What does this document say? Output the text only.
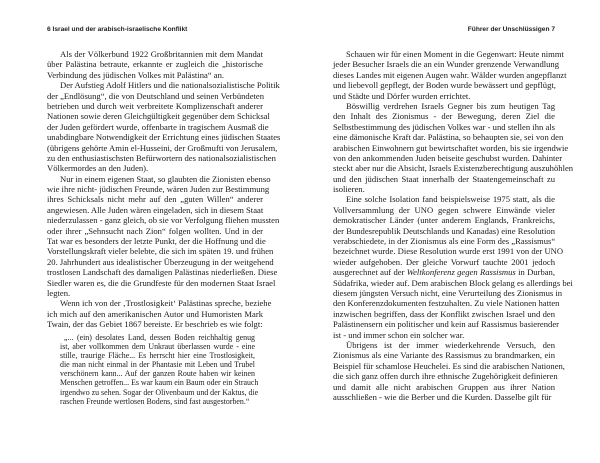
6 Israel und der arabisch-israelische Konflikt
Als der Völkerbund 1922 Großbritannien mit dem Mandat
über Palästina betraute, erkannte er zugleich die „historische
Verbindung des jüdischen Volkes mit Palästina“ an.
Der Aufstieg Adolf Hitlers und die nationalsozialistische Politik
der „Endlösung“, die von Deutschland und seinen Verbündeten
betrieben und durch weit verbreitete Komplizenschaft anderer
Nationen sowie deren Gleichgültigkeit gegenüber dem Schicksal
der Juden gefördert wurde, offenbarte in tragischem Ausmaß die
unabdingbare Notwendigkeit der Errichtung eines jüdischen Staates
(übrigens gehörte Amin el-Husseini, der Großmufti von Jerusalem,
zu den enthusiastischsten Befürwortern des nationalsozialistischen
Völkermordes an den Juden).
Nur in einem eigenen Staat, so glaubten die Zionisten ebenso
wie ihre nicht- jüdischen Freunde, wären Juden zur Bestimmung
ihres Schicksals nicht mehr auf den „guten Willen“ anderer
angewiesen. Alle Juden wären eingeladen, sich in diesem Staat
niederzulassen - ganz gleich, ob sie vor Verfolgung fliehen mussten
oder ihrer „Sehnsucht nach Zion“ folgen wollten. Und in der
Tat war es besonders der letzte Punkt, der die Hoffnung und die
Vorstellungskraft vieler belebte, die sich im späten 19. und frühen
20. Jahrhundert aus idealistischer Überzeugung in der weitgehend
trostlosen Landschaft des damaligen Palästinas niederließen. Diese
Siedler waren es, die die Grundfeste für den modernen Staat Israel
legten.
Wenn ich von der ‚Trostlosigkeit‘ Palästinas spreche, beziehe
ich mich auf den amerikanischen Autor und Humoristen Mark
Twain, der das Gebiet 1867 bereiste. Er beschrieb es wie folgt:
„... (ein) desolates Land, dessen Boden reichhaltig genug
ist, aber vollkommen dem Unkraut überlassen wurde - eine
stille, traurige Fläche... Es herrscht hier eine Trostlosigkeit,
die man nicht einmal in der Phantasie mit Leben und Trubel
verschönern kann... Auf der ganzen Route haben wir keinen
Menschen getroffen... Es war kaum ein Baum oder ein Strauch
irgendwo zu sehen. Sogar der Olivenbaum und der Kaktus, die
raschen Freunde wertlosen Bodens, sind fast ausgestorben.“
Führer der Unschlüssigen 7
Schauen wir für einen Moment in die Gegenwart: Heute nimmt
jeder Besucher Israels die an ein Wunder grenzende Verwandlung
dieses Landes mit eigenen Augen wahr. Wälder wurden angepflanzt
und liebevoll gepflegt, der Boden wurde bewässert und gepflügt,
und Städte und Dörfer wurden errichtet.
Böswillig verdrehen Israels Gegner bis zum heutigen Tag
den Inhalt des Zionismus - der Bewegung, deren Ziel die
Selbstbestimmung des jüdischen Volkes war - und stellen ihn als
eine dämonische Kraft dar. Palästina, so behaupten sie, sei von den
arabischen Einwohnern gut bewirtschaftet worden, bis sie irgendwie
von den ankommenden Juden beiseite geschubst wurden. Dahinter
steckt aber nur die Absicht, Israels Existenzberechtigung auszuhöhlen
und den jüdischen Staat innerhalb der Staatengemeinschaft zu
isolieren.
Eine solche Isolation fand beispielsweise 1975 statt, als die
Vollversammlung der UNO gegen schwere Einwände vieler
demokratischer Länder (unter anderem Englands, Frankreichs,
der Bundesrepublik Deutschlands und Kanadas) eine Resolution
verabschiedete, in der Zionismus als eine Form des „Rassismus“
bezeichnet wurde. Diese Resolution wurde erst 1991 von der UNO
wieder aufgehoben. Der gleiche Vorwurf tauchte 2001 jedoch
ausgerechnet auf der Weltkonferenz gegen Rassismus in Durban,
Südafrika, wieder auf. Dem arabischen Block gelang es allerdings bei
diesem jüngsten Versuch nicht, eine Verurteilung des Zionismus in
den Konferenzdokumenten festzuhalten. Zu viele Nationen hatten
inzwischen begriffen, dass der Konflikt zwischen Israel und den
Palästinensern ein politischer und kein auf Rassismus basierender
ist - und immer schon ein solcher war.
Übrigens ist der immer wiederkehrende Versuch, den
Zionismus als eine Variante des Rassismus zu brandmarken, ein
Beispiel für schamlose Heuchelei. Es sind die arabischen Nationen,
die sich ganz offen durch ihre ethnische Zugehörigkeit definieren
und damit alle nicht arabischen Gruppen aus ihrer Nation
ausschließen - wie die Berber und die Kurden. Dasselbe gilt für
